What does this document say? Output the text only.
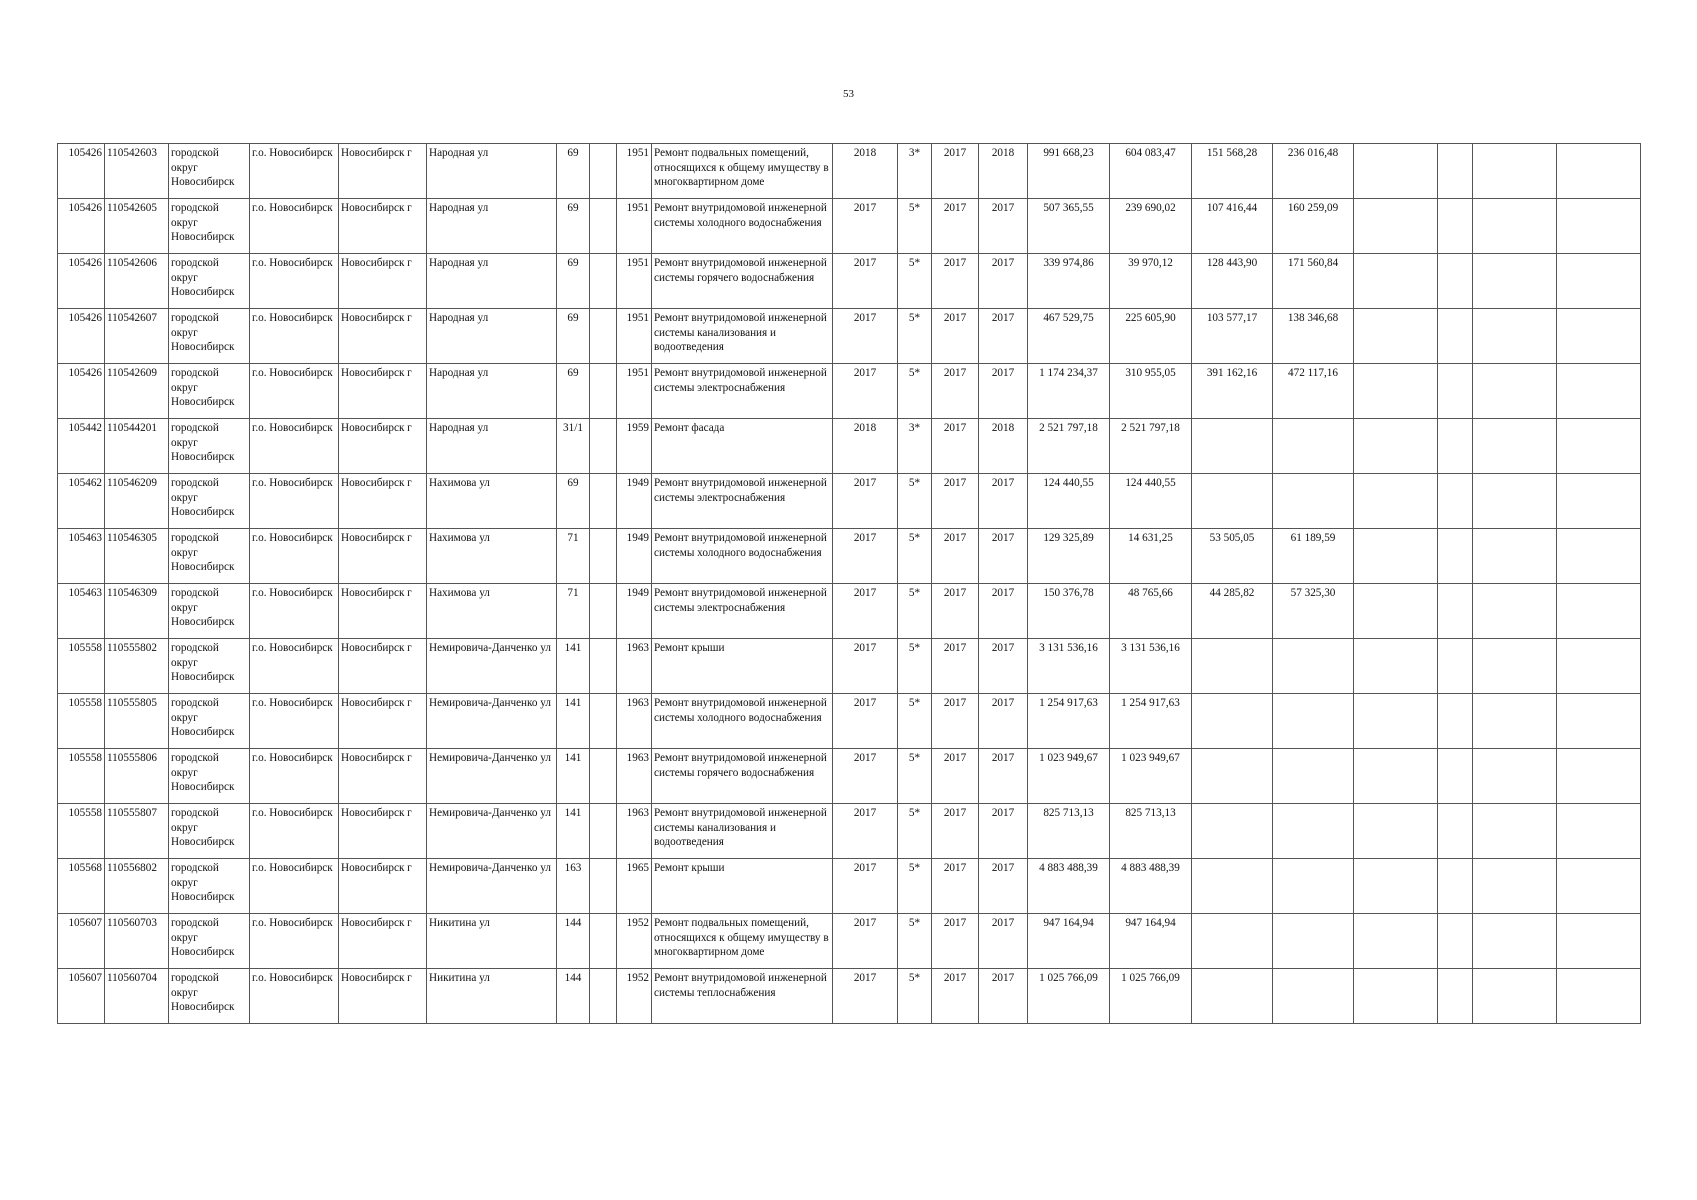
53
105426	110542603	городской округ Новосибирск	г.о. Новосибирск	Новосибирск г	Народная ул	69		1951	Ремонт подвальных помещений, относящихся к общему имуществу в многоквартирном доме	2018	3*	2017	2018	991 668,23	604 083,47	151 568,28	236 016,48				
105426	110542605	городской округ Новосибирск	г.о. Новосибирск	Новосибирск г	Народная ул	69		1951	Ремонт внутридомовой инженерной системы холодного водоснабжения	2017	5*	2017	2017	507 365,55	239 690,02	107 416,44	160 259,09				
105426	110542606	городской округ Новосибирск	г.о. Новосибирск	Новосибирск г	Народная ул	69		1951	Ремонт внутридомовой инженерной системы горячего водоснабжения	2017	5*	2017	2017	339 974,86	39 970,12	128 443,90	171 560,84				
105426	110542607	городской округ Новосибирск	г.о. Новосибирск	Новосибирск г	Народная ул	69		1951	Ремонт внутридомовой инженерной системы канализования и водоотведения	2017	5*	2017	2017	467 529,75	225 605,90	103 577,17	138 346,68				
105426	110542609	городской округ Новосибирск	г.о. Новосибирск	Новосибирск г	Народная ул	69		1951	Ремонт внутридомовой инженерной системы электроснабжения	2017	5*	2017	2017	1 174 234,37	310 955,05	391 162,16	472 117,16				
105442	110544201	городской округ Новосибирск	г.о. Новосибирск	Новосибирск г	Народная ул	31/1		1959	Ремонт фасада	2018	3*	2017	2018	2 521 797,18	2 521 797,18						
105462	110546209	городской округ Новосибирск	г.о. Новосибирск	Новосибирск г	Нахимова ул	69		1949	Ремонт внутридомовой инженерной системы электроснабжения	2017	5*	2017	2017	124 440,55	124 440,55						
105463	110546305	городской округ Новосибирск	г.о. Новосибирск	Новосибирск г	Нахимова ул	71		1949	Ремонт внутридомовой инженерной системы холодного водоснабжения	2017	5*	2017	2017	129 325,89	14 631,25	53 505,05	61 189,59				
105463	110546309	городской округ Новосибирск	г.о. Новосибирск	Новосибирск г	Нахимова ул	71		1949	Ремонт внутридомовой инженерной системы электроснабжения	2017	5*	2017	2017	150 376,78	48 765,66	44 285,82	57 325,30				
105558	110555802	городской округ Новосибирск	г.о. Новосибирск	Новосибирск г	Немировича-Данченко ул	141		1963	Ремонт крыши	2017	5*	2017	2017	3 131 536,16	3 131 536,16						
105558	110555805	городской округ Новосибирск	г.о. Новосибирск	Новосибирск г	Немировича-Данченко ул	141		1963	Ремонт внутридомовой инженерной системы холодного водоснабжения	2017	5*	2017	2017	1 254 917,63	1 254 917,63						
105558	110555806	городской округ Новосибирск	г.о. Новосибирск	Новосибирск г	Немировича-Данченко ул	141		1963	Ремонт внутридомовой инженерной системы горячего водоснабжения	2017	5*	2017	2017	1 023 949,67	1 023 949,67						
105558	110555807	городской округ Новосибирск	г.о. Новосибирск	Новосибирск г	Немировича-Данченко ул	141		1963	Ремонт внутридомовой инженерной системы канализования и водоотведения	2017	5*	2017	2017	825 713,13	825 713,13						
105568	110556802	городской округ Новосибирск	г.о. Новосибирск	Новосибирск г	Немировича-Данченко ул	163		1965	Ремонт крыши	2017	5*	2017	2017	4 883 488,39	4 883 488,39						
105607	110560703	городской округ Новосибирск	г.о. Новосибирск	Новосибирск г	Никитина ул	144		1952	Ремонт подвальных помещений, относящихся к общему имуществу в многоквартирном доме	2017	5*	2017	2017	947 164,94	947 164,94						
105607	110560704	городской округ Новосибирск	г.о. Новосибирск	Новосибирск г	Никитина ул	144		1952	Ремонт внутридомовой инженерной системы теплоснабжения	2017	5*	2017	2017	1 025 766,09	1 025 766,09						
